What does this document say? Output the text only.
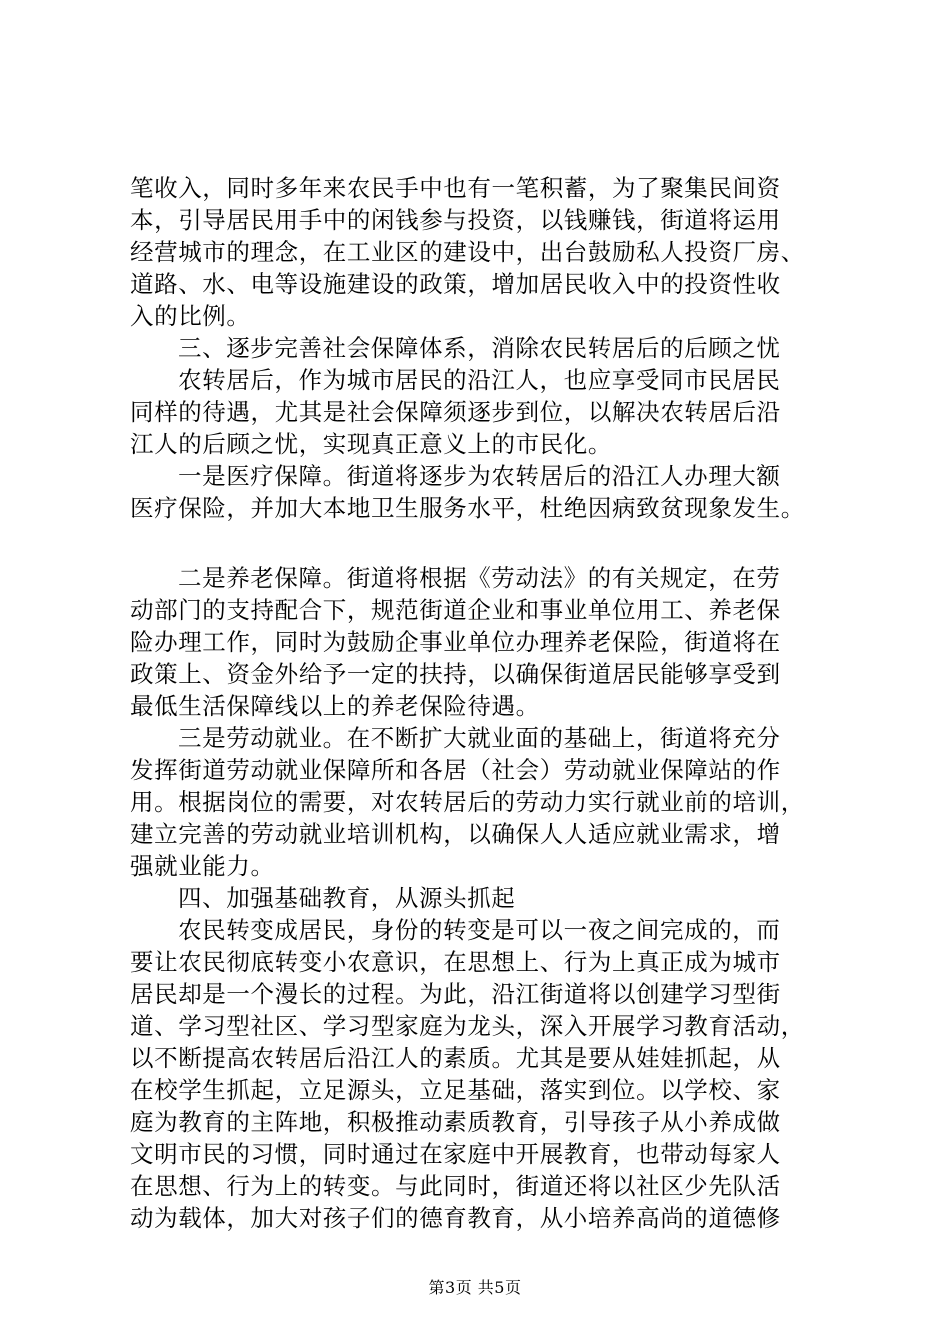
笔收入，同时多年来农民手中也有一笔积蓄，为了聚集民间资
本，引导居民用手中的闲钱参与投资，以钱赚钱，街道将运用
经营城市的理念，在工业区的建设中，出台鼓励私人投资厂房、
道路、水、电等设施建设的政策，增加居民收入中的投资性收
入的比例。
三、逐步完善社会保障体系，消除农民转居后的后顾之忧
农转居后，作为城市居民的沿江人，也应享受同市民居民
同样的待遇，尤其是社会保障须逐步到位，以解决农转居后沿
江人的后顾之忧，实现真正意义上的市民化。
一是医疗保障。街道将逐步为农转居后的沿江人办理大额
医疗保险，并加大本地卫生服务水平，杜绝因病致贫现象发生。
二是养老保障。街道将根据《劳动法》的有关规定，在劳
动部门的支持配合下，规范街道企业和事业单位用工、养老保
险办理工作，同时为鼓励企事业单位办理养老保险，街道将在
政策上、资金外给予一定的扶持，以确保街道居民能够享受到
最低生活保障线以上的养老保险待遇。
三是劳动就业。在不断扩大就业面的基础上，街道将充分
发挥街道劳动就业保障所和各居（社会）劳动就业保障站的作
用。根据岗位的需要，对农转居后的劳动力实行就业前的培训，
建立完善的劳动就业培训机构，以确保人人适应就业需求，增
强就业能力。
四、加强基础教育，从源头抓起
农民转变成居民，身份的转变是可以一夜之间完成的，而
要让农民彻底转变小农意识，在思想上、行为上真正成为城市
居民却是一个漫长的过程。为此，沿江街道将以创建学习型街
道、学习型社区、学习型家庭为龙头，深入开展学习教育活动，
以不断提高农转居后沿江人的素质。尤其是要从娃娃抓起，从
在校学生抓起，立足源头，立足基础，落实到位。以学校、家
庭为教育的主阵地，积极推动素质教育，引导孩子从小养成做
文明市民的习惯，同时通过在家庭中开展教育，也带动每家人
在思想、行为上的转变。与此同时，街道还将以社区少先队活
动为载体，加大对孩子们的德育教育，从小培养高尚的道德修
第3页 共5页
